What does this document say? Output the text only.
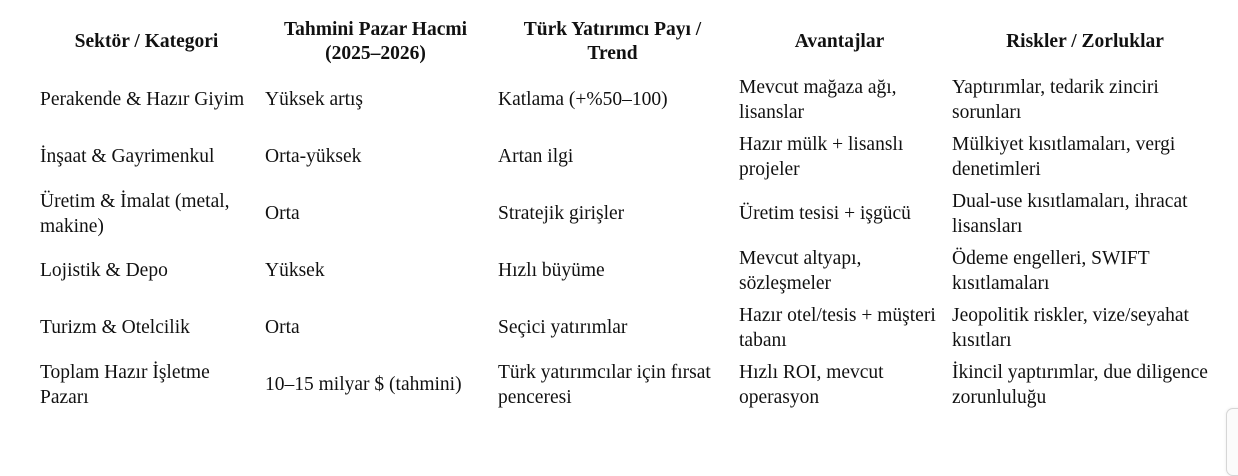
Sektör / Kategori	Tahmini Pazar Hacmi (2025–2026)	Türk Yatırımcı Payı / Trend	Avantajlar	Riskler / Zorluklar
Perakende & Hazır Giyim	Yüksek artış	Katlama (+%50–100)	Mevcut mağaza ağı, lisanslar	Yaptırımlar, tedarik zinciri sorunları
İnşaat & Gayrimenkul	Orta-yüksek	Artan ilgi	Hazır mülk + lisanslı projeler	Mülkiyet kısıtlamaları, vergi denetimleri
Üretim & İmalat (metal, makine)	Orta	Stratejik girişler	Üretim tesisi + işgücü	Dual-use kısıtlamaları, ihracat lisansları
Lojistik & Depo	Yüksek	Hızlı büyüme	Mevcut altyapı, sözleşmeler	Ödeme engelleri, SWIFT kısıtlamaları
Turizm & Otelcilik	Orta	Seçici yatırımlar	Hazır otel/tesis + müşteri tabanı	Jeopolitik riskler, vize/seyahat kısıtları
Toplam Hazır İşletme Pazarı	10–15 milyar $ (tahmini)	Türk yatırımcılar için fırsat penceresi	Hızlı ROI, mevcut operasyon	İkincil yaptırımlar, due diligence zorunluluğu
